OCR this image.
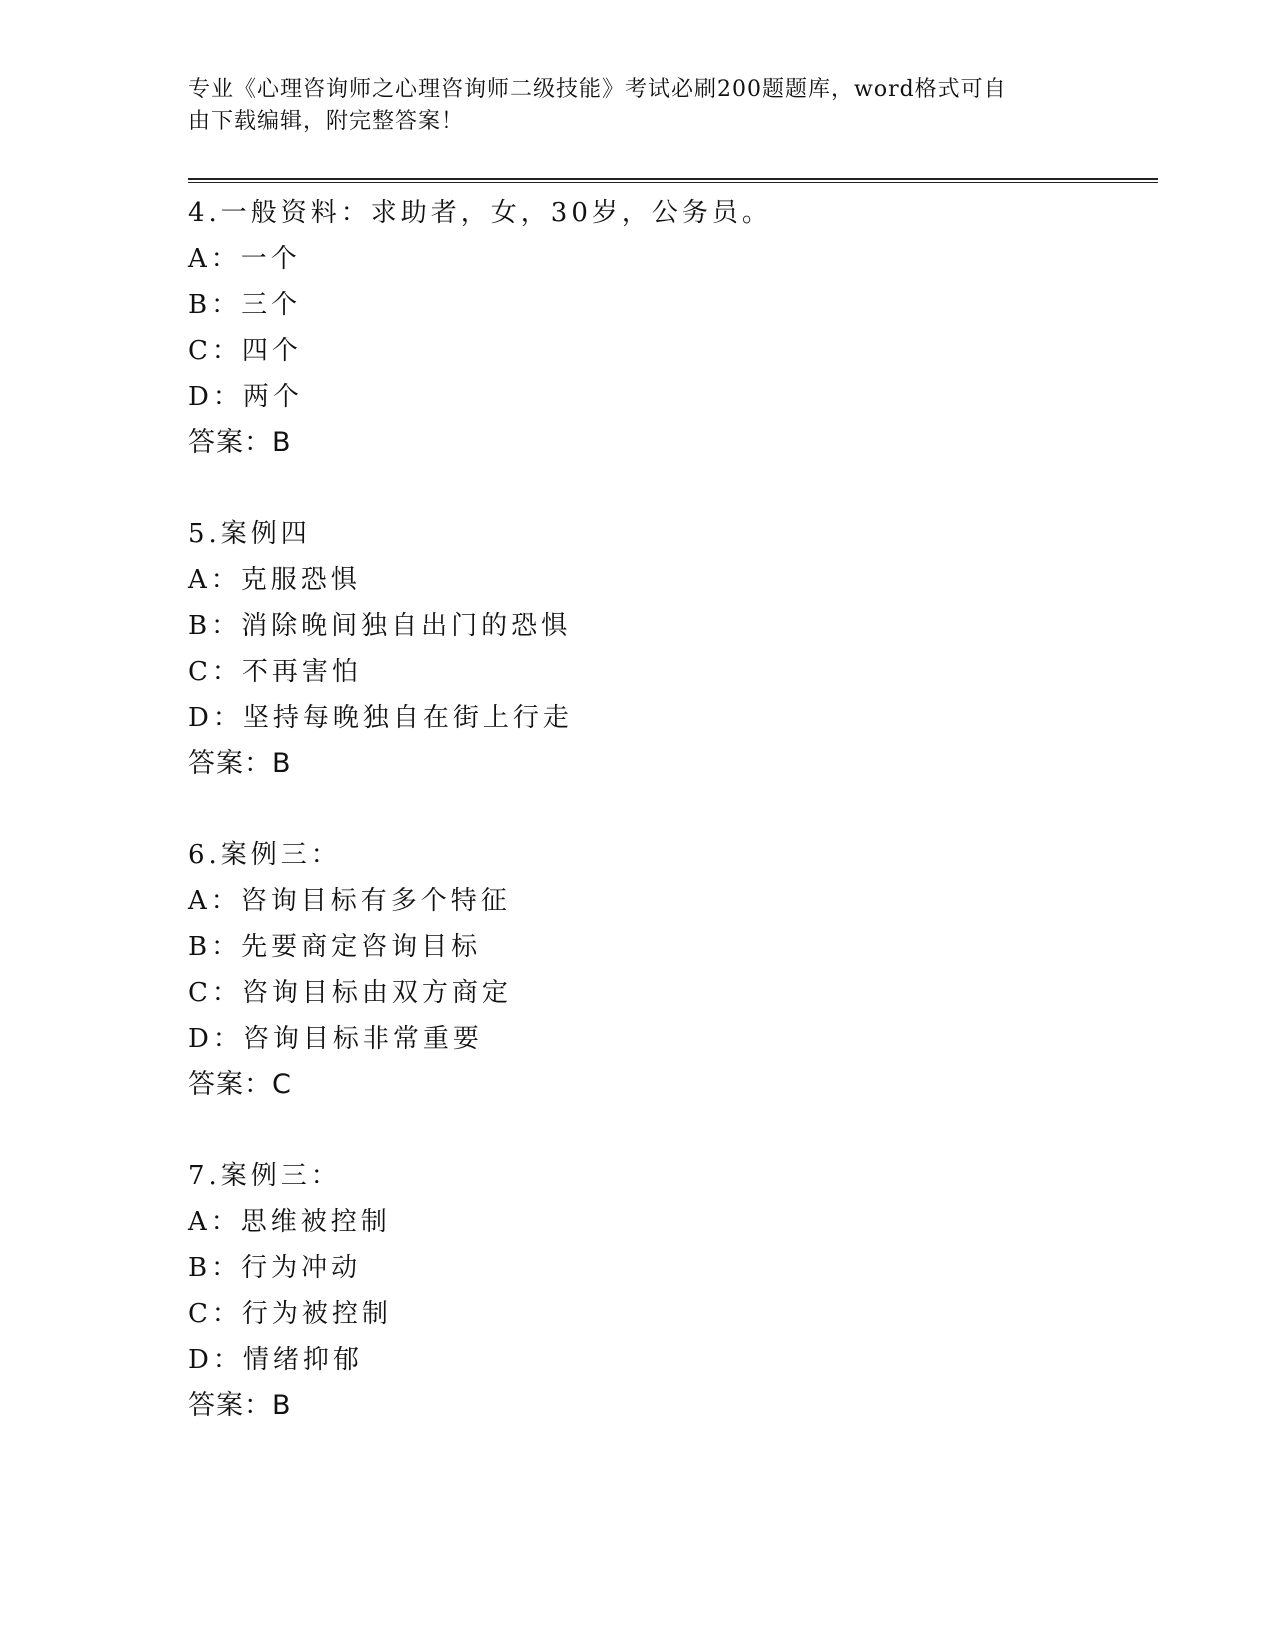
专业《心理咨询师之心理咨询师二级技能》考试必刷200题题库，word格式可自
由下载编辑，附完整答案！
4.一般资料：求助者，女，30岁，公务员。
A：一个
B：三个
C：四个
D：两个
答案：B
5.案例四
A：克服恐惧
B：消除晚间独自出门的恐惧
C：不再害怕
D：坚持每晚独自在街上行走
答案：B
6.案例三：
A：咨询目标有多个特征
B：先要商定咨询目标
C：咨询目标由双方商定
D：咨询目标非常重要
答案：C
7.案例三：
A：思维被控制
B：行为冲动
C：行为被控制
D：情绪抑郁
答案：B
